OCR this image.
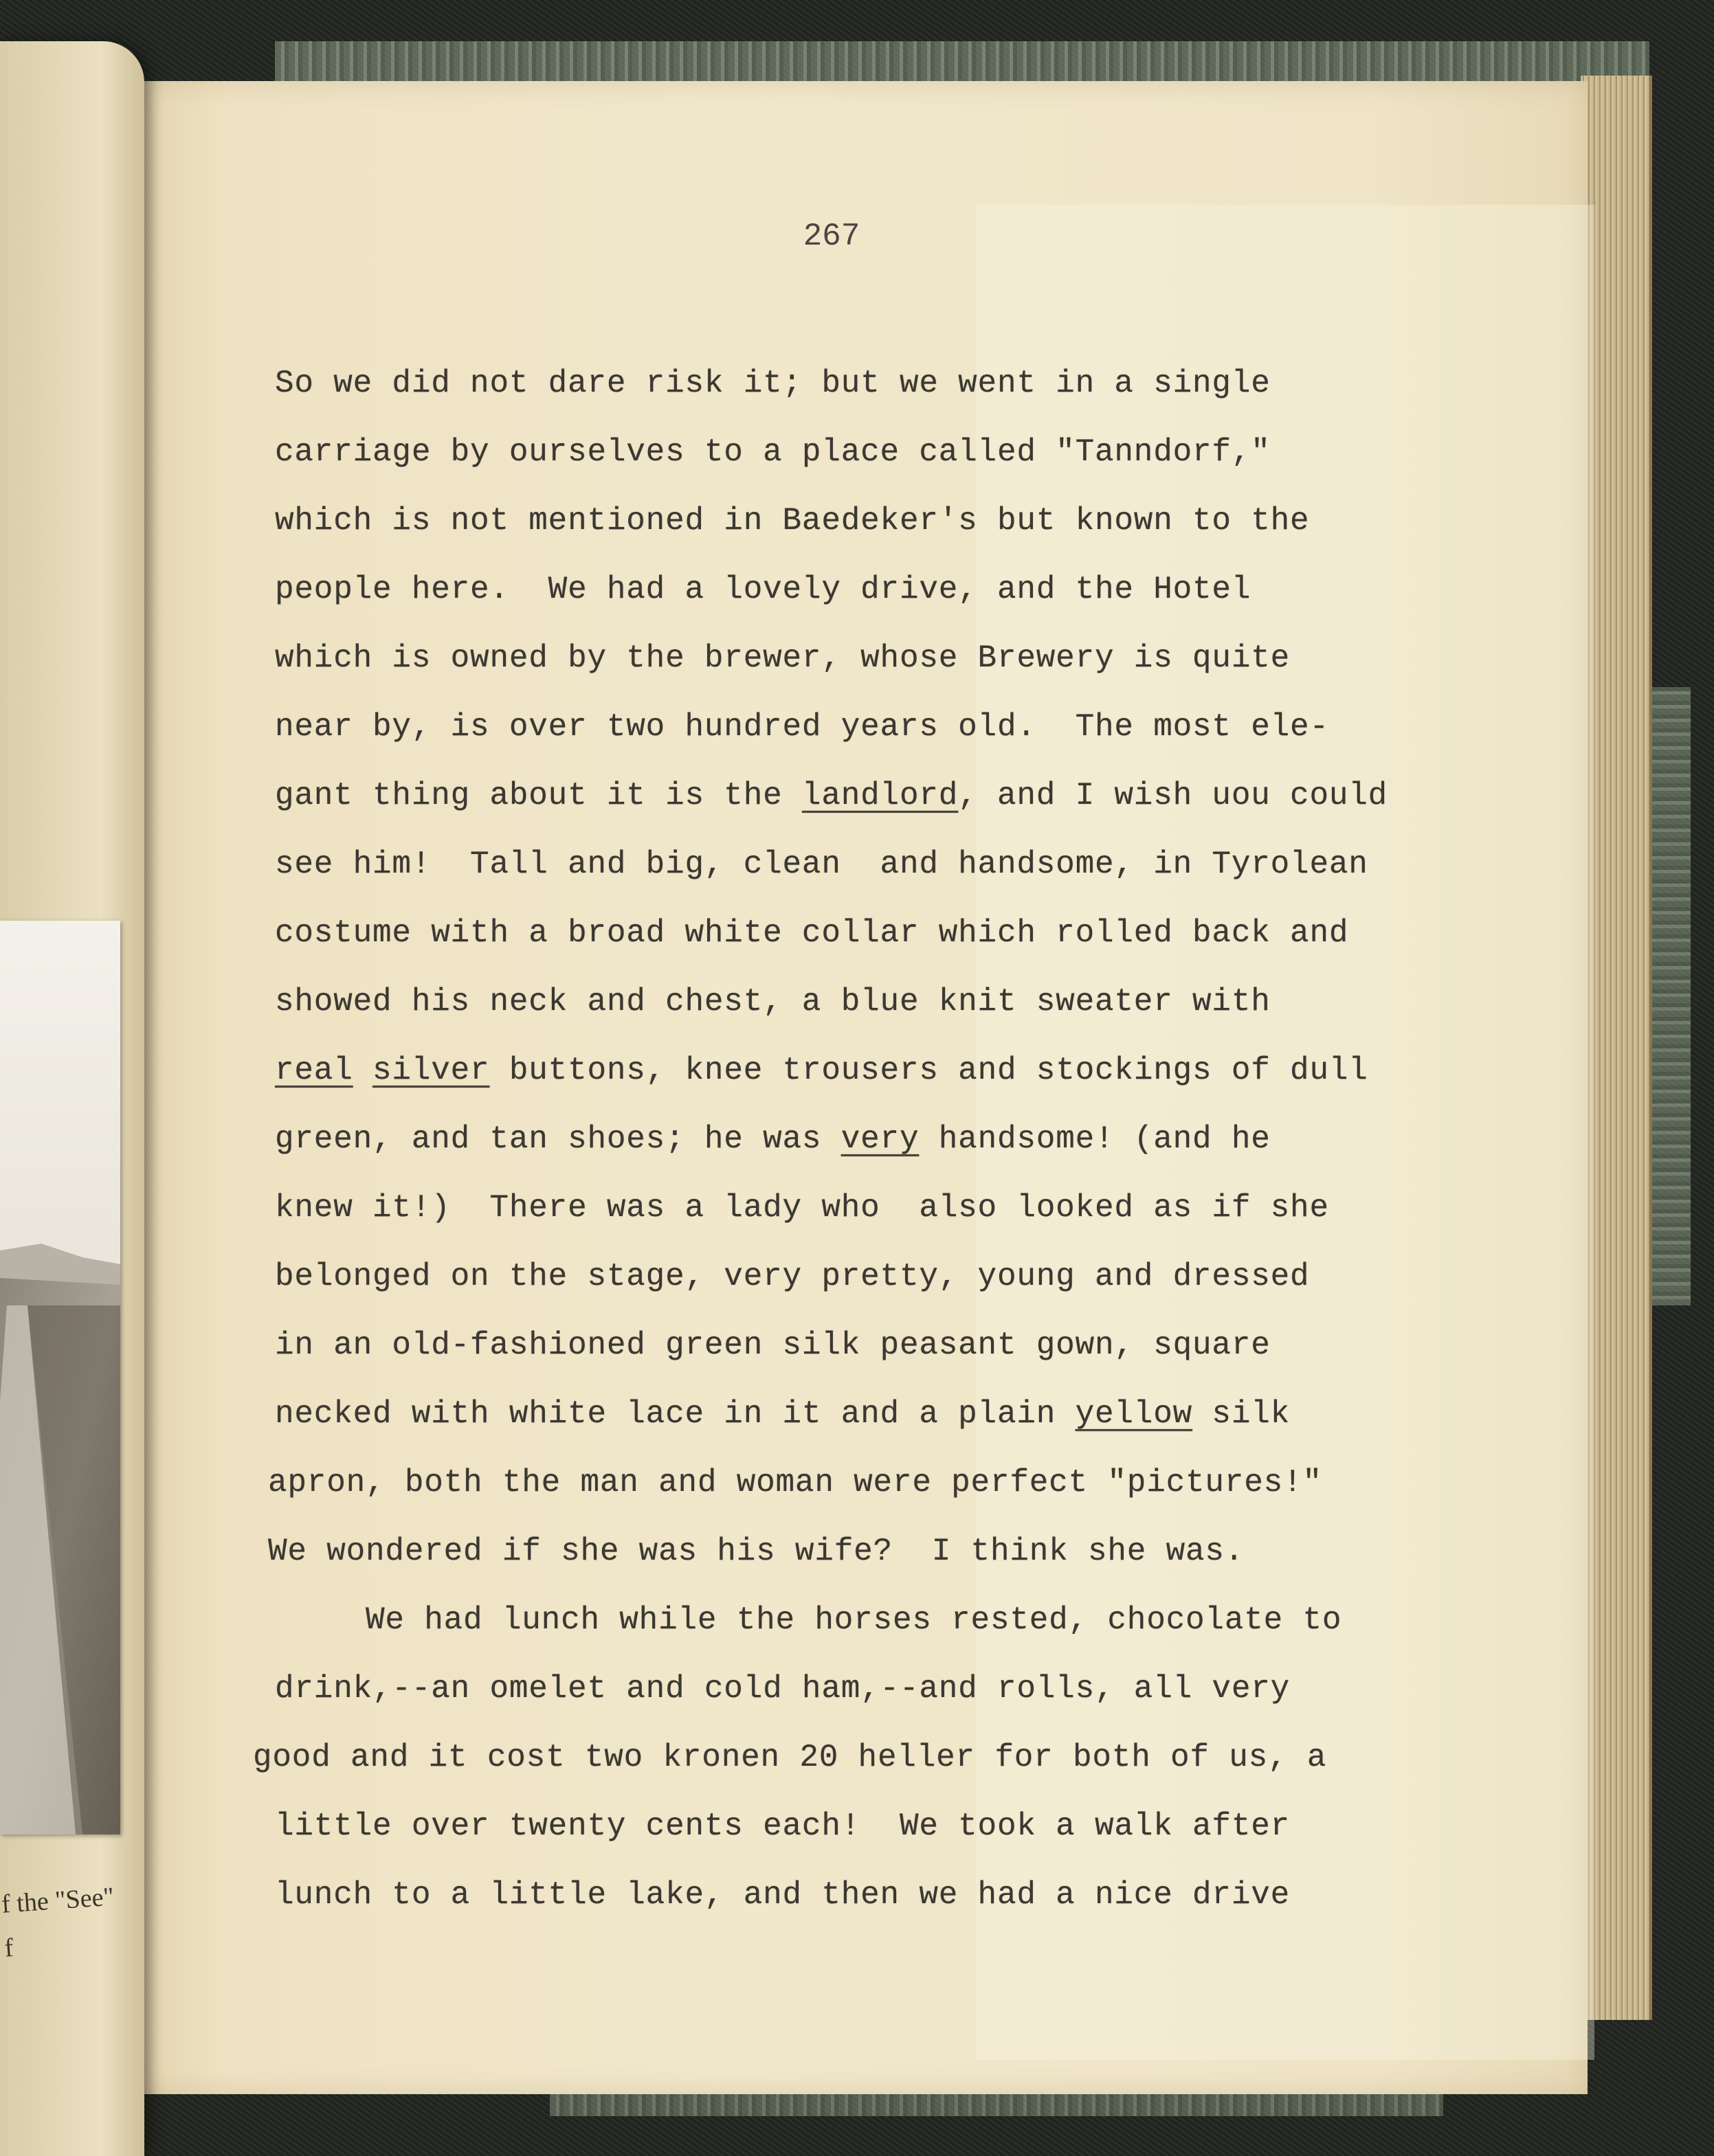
f the "See"
f
267
So we did not dare risk it; but we went in a single
carriage by ourselves to a place called "Tanndorf,"
which is not mentioned in Baedeker's but known to the
people here.  We had a lovely drive, and the Hotel
which is owned by the brewer, whose Brewery is quite
near by, is over two hundred years old.  The most ele-
gant thing about it is the landlord, and I wish uou could
see him!  Tall and big, clean  and handsome, in Tyrolean
costume with a broad white collar which rolled back and
showed his neck and chest, a blue knit sweater with
real silver buttons, knee trousers and stockings of dull
green, and tan shoes; he was very handsome! (and he
knew it!)  There was a lady who  also looked as if she
belonged on the stage, very pretty, young and dressed
in an old-fashioned green silk peasant gown, square
necked with white lace in it and a plain yellow silk
apron, both the man and woman were perfect "pictures!"
We wondered if she was his wife?  I think she was.
We had lunch while the horses rested, chocolate to
drink,--an omelet and cold ham,--and rolls, all very
good and it cost two kronen 20 heller for both of us, a
little over twenty cents each!  We took a walk after
lunch to a little lake, and then we had a nice drive
